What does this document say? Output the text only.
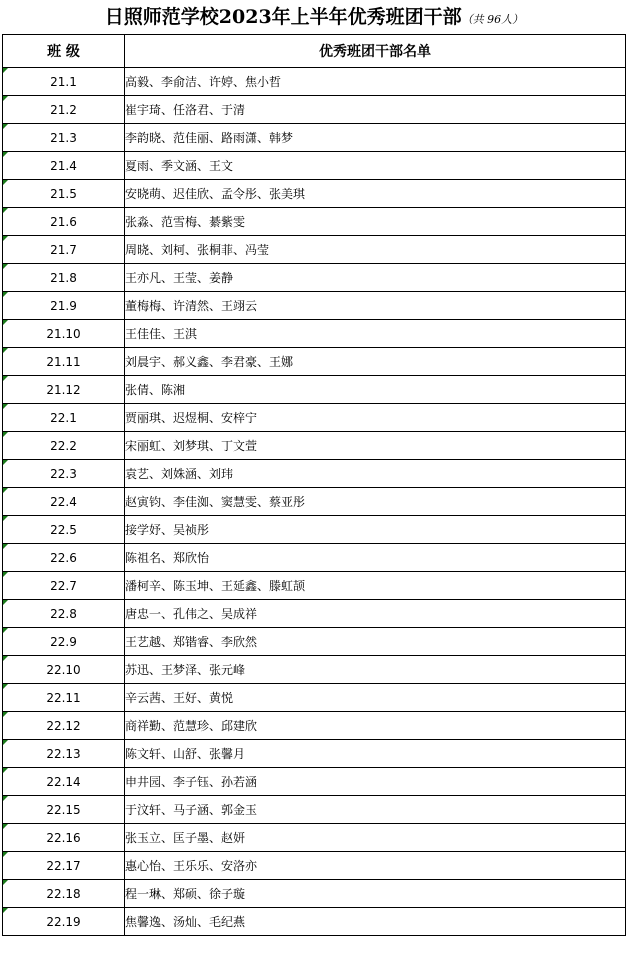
日照师范学校2023年上半年优秀班团干部（共 96人）
班 级	优秀班团干部名单

21.1	高毅、李俞洁、许婷、焦小哲

21.2	崔宇琦、任洛君、于清

21.3	李韵晓、范佳丽、路雨潇、韩梦

21.4	夏雨、季文涵、王文

21.5	安晓萌、迟佳欣、孟令彤、张美琪

21.6	张淼、范雪梅、綦紫雯

21.7	周晓、刘柯、张桐菲、冯莹

21.8	王亦凡、王莹、姜静

21.9	董梅梅、许清然、王翊云

21.10	王佳佳、王淇

21.11	刘晨宇、郝义鑫、李君豪、王娜

21.12	张倩、陈湘

22.1	贾丽琪、迟煜桐、安梓宁

22.2	宋丽虹、刘梦琪、丁文萱

22.3	袁艺、刘姝涵、刘玮

22.4	赵寅钧、李佳洳、窦慧雯、蔡亚彤

22.5	接学妤、吴祯彤

22.6	陈祖名、郑欣怡

22.7	潘柯辛、陈玉坤、王延鑫、滕虹颉

22.8	唐忠一、孔伟之、吴成祥

22.9	王艺越、郑锴睿、李欣然

22.10	苏迅、王梦泽、张元峰

22.11	辛云茜、王好、黄悦

22.12	商祥勤、范慧珍、邱建欣

22.13	陈文轩、山舒、张馨月

22.14	申井园、李子钰、孙若涵

22.15	于汶轩、马子涵、郭金玉

22.16	张玉立、匡子墨、赵妍

22.17	惠心怡、王乐乐、安洛亦

22.18	程一琳、郑硕、徐子璇

22.19	焦馨逸、汤灿、毛纪燕
